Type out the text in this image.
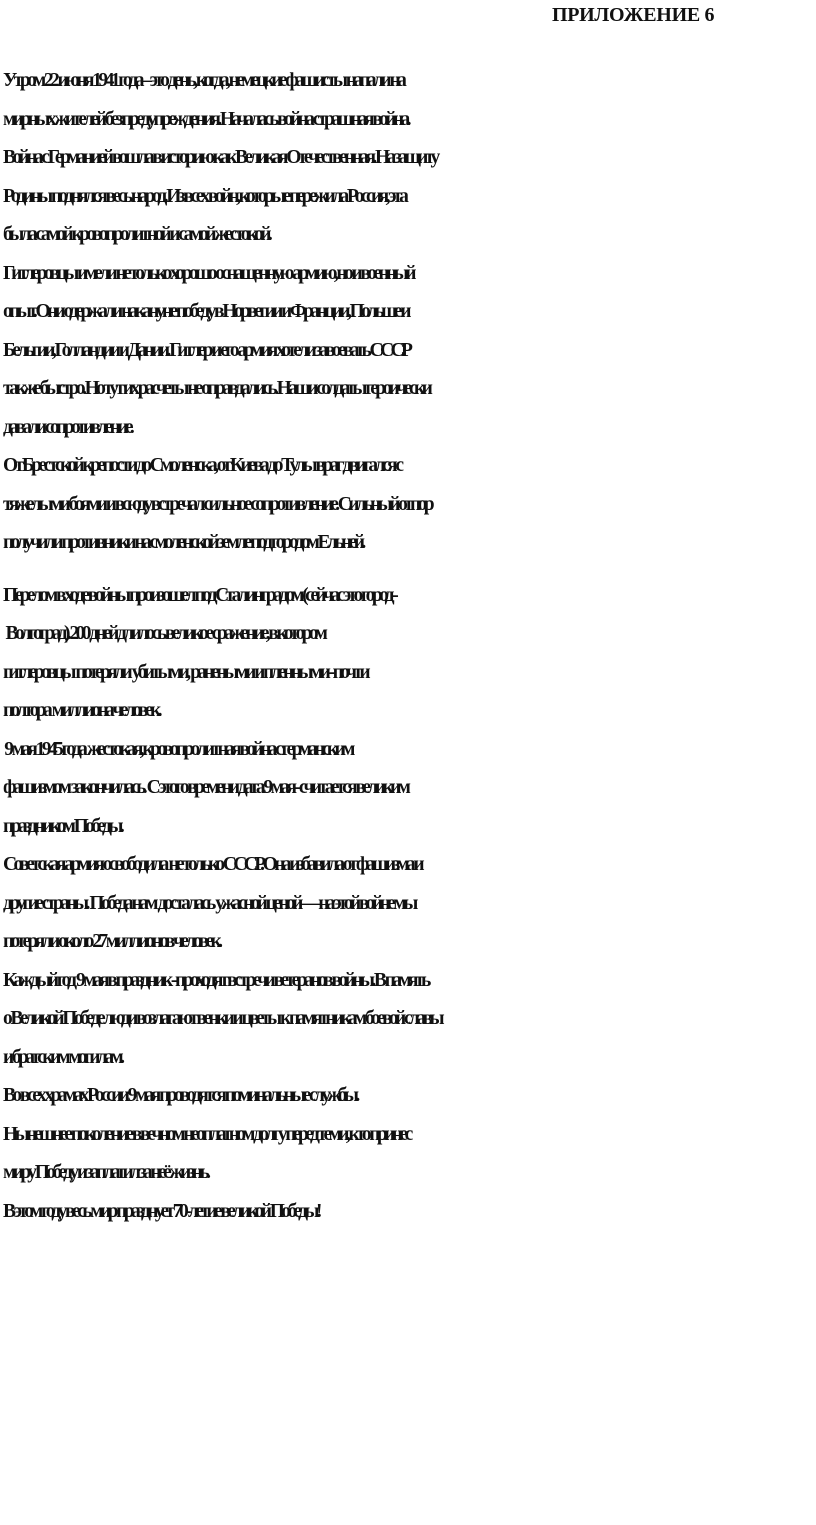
ПРИЛОЖЕНИЕ 6
Утром 22 июня 1941 года – это день, когда, немецкие фашисты напали на
мирных жителей без предупреждения. Началась война страшная война.
Война с Германией вошла в историю как Великая Отечественная. На защиту
Родины поднялся весь народ. Из всех войн, которые пережила Россия, эта
была самой кровопролитной и самой жестокой.
Гитлеровцы имели не только хорошо оснащенную армию, но и военный
опыт. Они одержали накануне победу в Норвегии и Франции, Польше и
Бельгии, Голландии и Дании. Гитлер и его армия хотели завоевать СССР
также быстро. Но тут их расчеты не оправдались. Наши солдаты героически
давали сопротивление.
От Брестской крепости до Смоленска, от Киева до Тулы враг двигался с
тяжелыми боями и всюду встречал сильное сопротивление. Сильный отпор
получили противники на смоленской земле под городом Ельней.
Перелом в ходе войны произошел под Сталинградом (сейчас это город -
Волгоград). 200 дней длилось великое сражение, в котором
гитлеровцы  потеряли  убитыми,  ранеными и пленными - почти
полтора  миллиона человек.
9 мая 1945 года  жестокая, кровопролитная война с германским
фашизмом  закончилась.  С этого времени дата 9 мая - считается великим
праздником Победы.
Советская армия освободила  не только СССР. Она избавила от фашизма и
другие страны.  Победа нам  досталась  ужасной ценой — на этой войне мы
потеряли около 27 миллионов человек.
Каждый год  9 мая в праздник - проходят встречи ветеранов войны. В память
о Великой Победе люди возлагают венки и цветы к памятникам боевой славы
и братским могилам.
Во всех храмах России 9 мая проводятся поминальные службы.
Нынешнее поколение в вечном неоплатном долгу перед теми, кто принес
миру Победу и заплатил за неё жизнь.
В этом году весь мир празднует 70-летие великой Победы!
